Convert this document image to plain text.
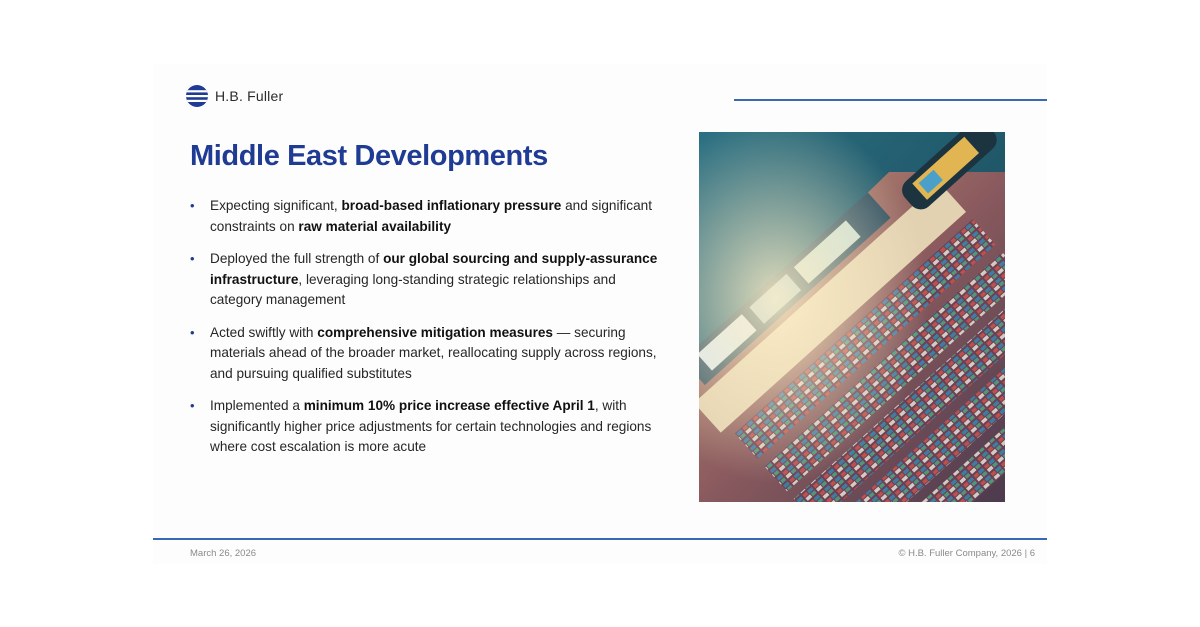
H.B. Fuller
Middle East Developments
• Expecting significant, broad-based inflationary pressure and significant constraints on raw material availability
• Deployed the full strength of our global sourcing and supply-assurance infrastructure, leveraging long-standing strategic relationships and category management
• Acted swiftly with comprehensive mitigation measures — securing materials ahead of the broader market, reallocating supply across regions, and pursuing qualified substitutes
• Implemented a minimum 10% price increase effective April 1, with significantly higher price adjustments for certain technologies and regions where cost escalation is more acute
March 26, 2026	© H.B. Fuller Company, 2026 | 6
